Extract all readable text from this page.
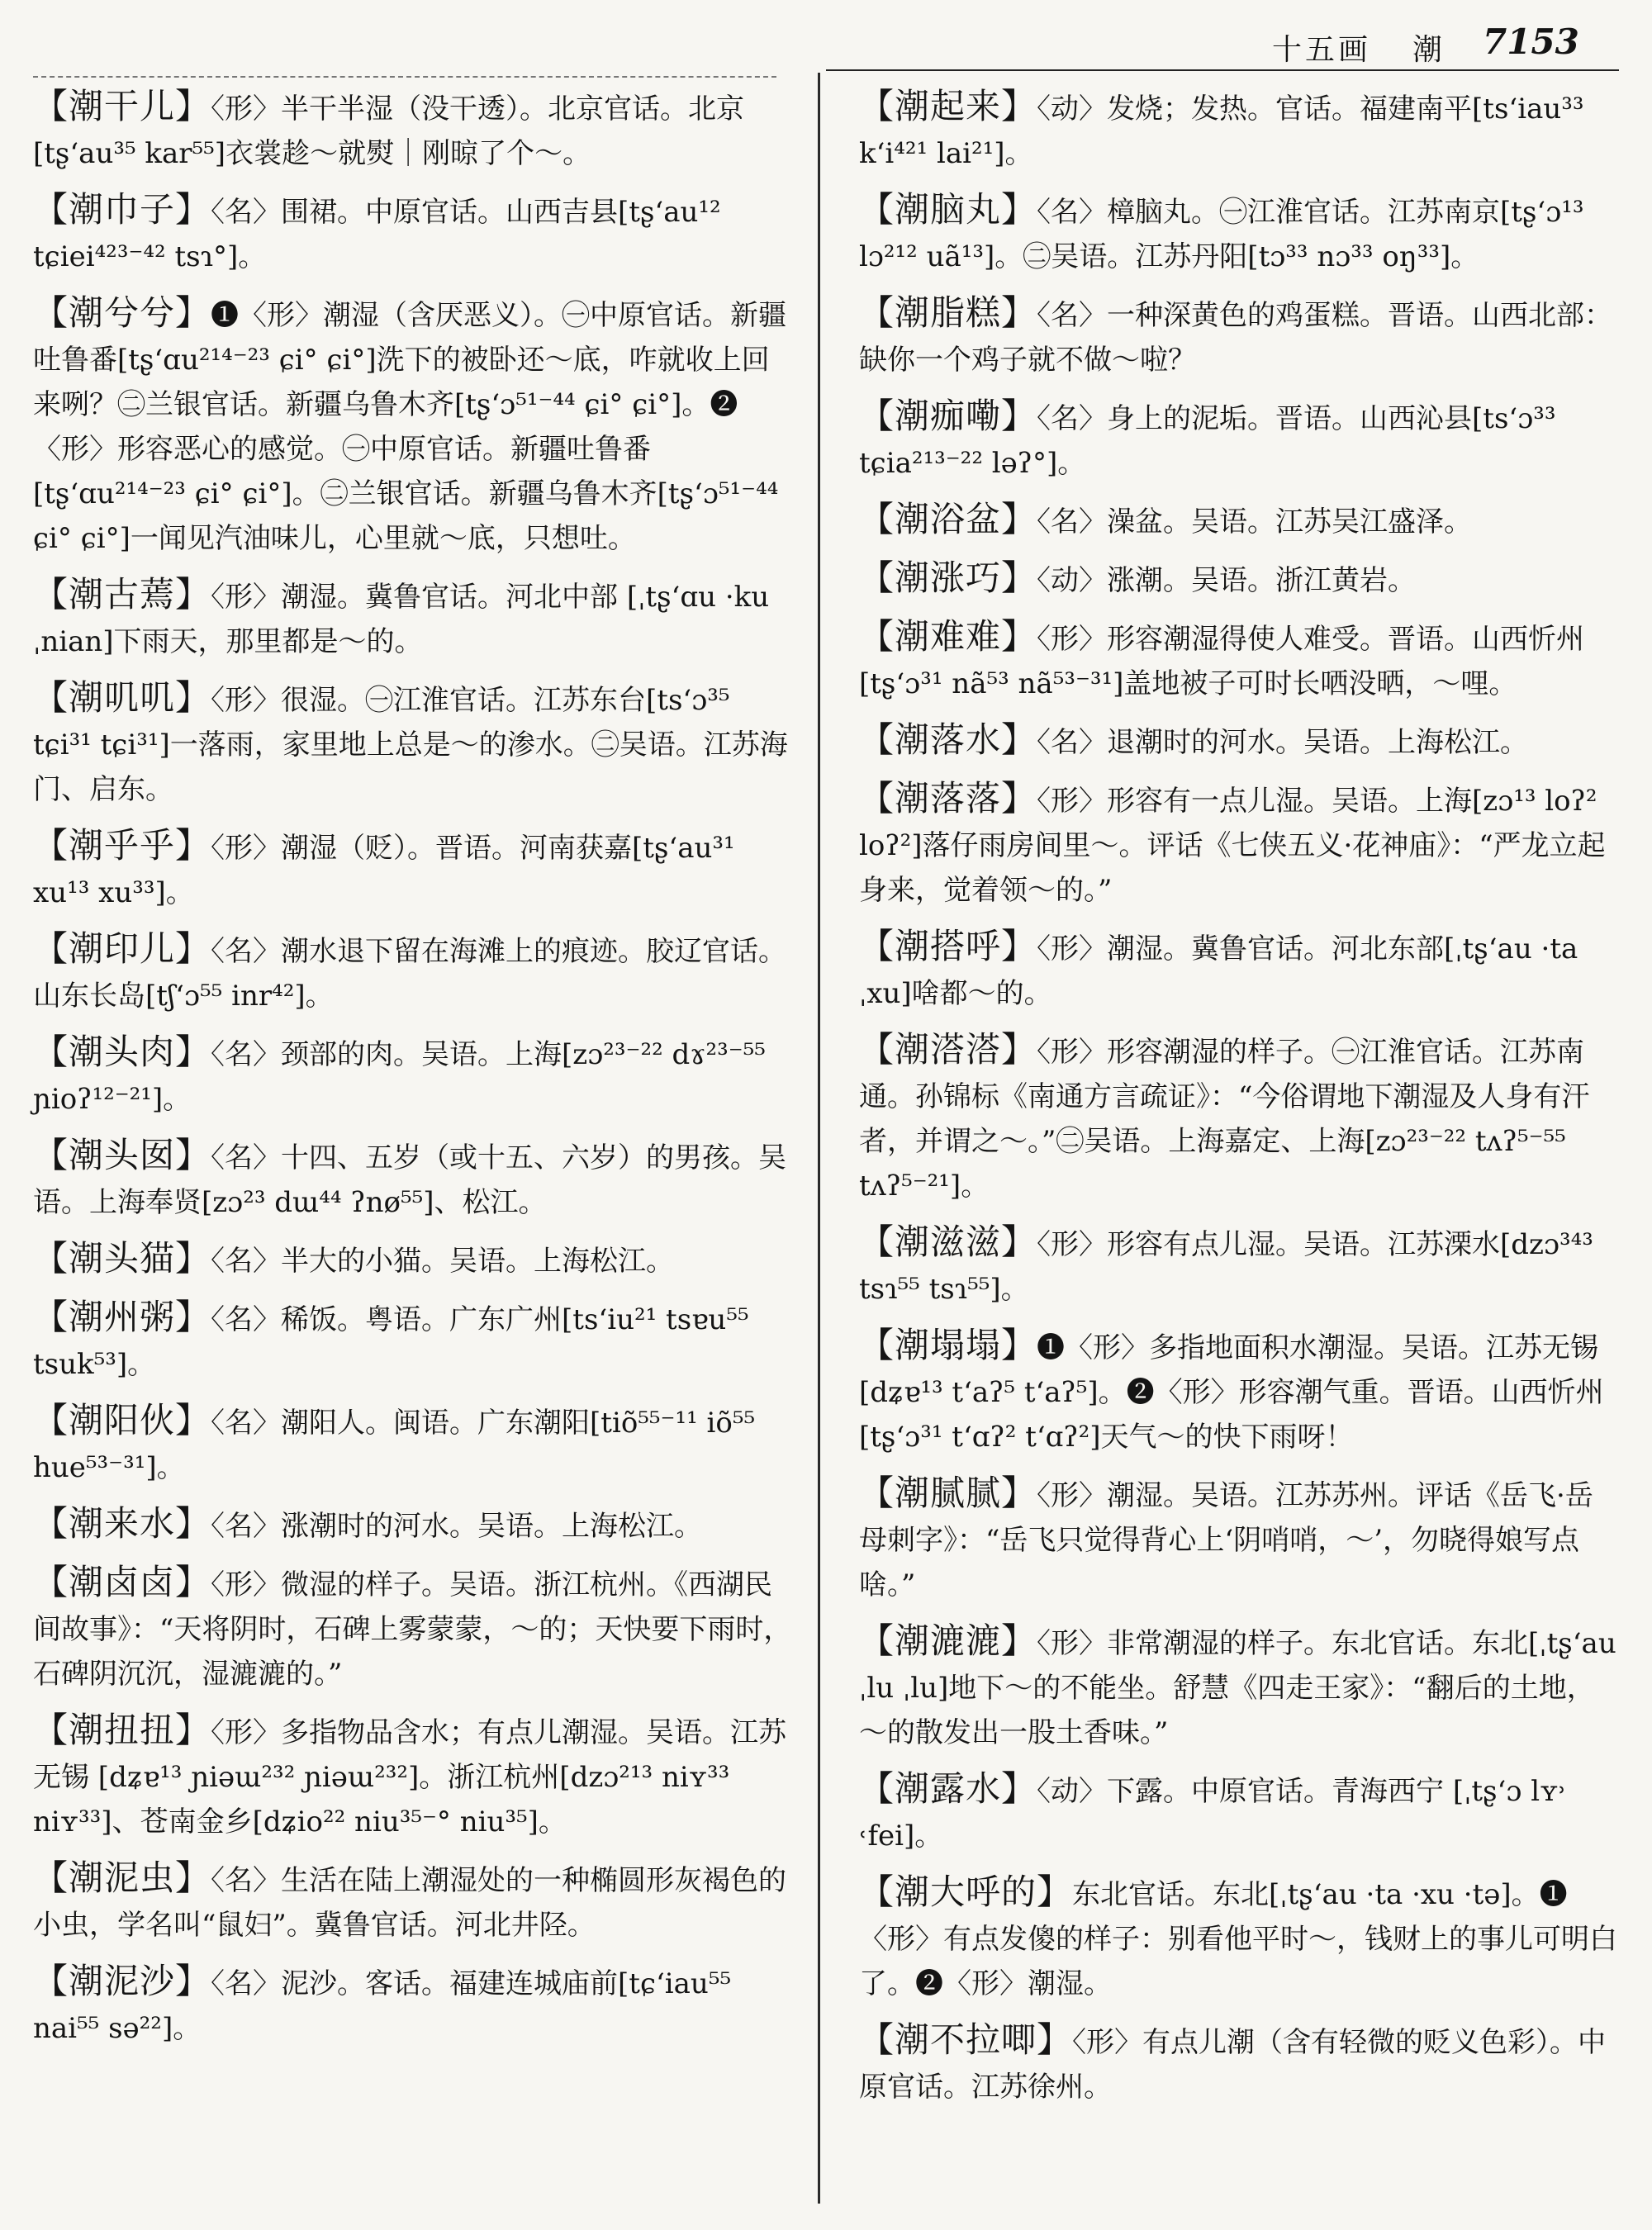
十五画 潮 7153
【潮干儿】〈形〉半干半湿（没干透）。北京官话。北京[tʂ‘au³⁵ kar⁵⁵]衣裳趁～就熨｜刚晾了个～。
【潮巾子】〈名〉围裙。中原官话。山西吉县[tʂ‘au¹² tɕiei⁴²³⁻⁴² tsɿ°]。
【潮兮兮】❶〈形〉潮湿（含厌恶义）。㊀中原官话。新疆吐鲁番[tʂ‘ɑu²¹⁴⁻²³ ɕi° ɕi°]洗下的被卧还～底，咋就收上回来咧？㊁兰银官话。新疆乌鲁木齐[tʂ‘ɔ⁵¹⁻⁴⁴ ɕi° ɕi°]。❷〈形〉形容恶心的感觉。㊀中原官话。新疆吐鲁番[tʂ‘ɑu²¹⁴⁻²³ ɕi° ɕi°]。㊁兰银官话。新疆乌鲁木齐[tʂ‘ɔ⁵¹⁻⁴⁴ ɕi° ɕi°]一闻见汽油味儿，心里就～底，只想吐。
【潮古蔫】〈形〉潮湿。冀鲁官话。河北中部 [ˌtʂ‘ɑu ·ku ˌnian]下雨天，那里都是～的。
【潮叽叽】〈形〉很湿。㊀江淮官话。江苏东台[ts‘ɔ³⁵ tɕi³¹ tɕi³¹]一落雨，家里地上总是～的渗水。㊁吴语。江苏海门、启东。
【潮乎乎】〈形〉潮湿（贬）。晋语。河南获嘉[tʂ‘au³¹ xu¹³ xu³³]。
【潮印儿】〈名〉潮水退下留在海滩上的痕迹。胶辽官话。山东长岛[tʃ‘ɔ⁵⁵ inr⁴²]。
【潮头肉】〈名〉颈部的肉。吴语。上海[zɔ²³⁻²² dɤ²³⁻⁵⁵ ɲioʔ¹²⁻²¹]。
【潮头囡】〈名〉十四、五岁（或十五、六岁）的男孩。吴语。上海奉贤[zɔ²³ dɯ⁴⁴ ʔnø⁵⁵]、松江。
【潮头猫】〈名〉半大的小猫。吴语。上海松江。
【潮州粥】〈名〉稀饭。粤语。广东广州[ts‘iu²¹ tsɐu⁵⁵ tsuk⁵³]。
【潮阳伙】〈名〉潮阳人。闽语。广东潮阳[tiõ⁵⁵⁻¹¹ iõ⁵⁵ hue⁵³⁻³¹]。
【潮来水】〈名〉涨潮时的河水。吴语。上海松江。
【潮卤卤】〈形〉微湿的样子。吴语。浙江杭州。《西湖民间故事》：“天将阴时，石碑上雾蒙蒙，～的；天快要下雨时，石碑阴沉沉，湿漉漉的。”
【潮扭扭】〈形〉多指物品含水；有点儿潮湿。吴语。江苏无锡 [dʑɐ¹³ ɲiəɯ²³² ɲiəɯ²³²]。浙江杭州[dzɔ²¹³ niʏ³³ niʏ³³]、苍南金乡[dʑio²² niu³⁵⁻° niu³⁵]。
【潮泥虫】〈名〉生活在陆上潮湿处的一种椭圆形灰褐色的小虫，学名叫“鼠妇”。冀鲁官话。河北井陉。
【潮泥沙】〈名〉泥沙。客话。福建连城庙前[tɕ‘iau⁵⁵ nai⁵⁵ sə²²]。
【潮起来】〈动〉发烧；发热。官话。福建南平[ts‘iau³³ k‘i⁴²¹ lai²¹]。
【潮脑丸】〈名〉樟脑丸。㊀江淮官话。江苏南京[tʂ‘ɔ¹³ lɔ²¹² uã¹³]。㊁吴语。江苏丹阳[tɔ³³ nɔ³³ oŋ³³]。
【潮脂糕】〈名〉一种深黄色的鸡蛋糕。晋语。山西北部：缺你一个鸡子就不做～啦？
【潮痂嘞】〈名〉身上的泥垢。晋语。山西沁县[ts‘ɔ³³ tɕia²¹³⁻²² ləʔ°]。
【潮浴盆】〈名〉澡盆。吴语。江苏吴江盛泽。
【潮涨巧】〈动〉涨潮。吴语。浙江黄岩。
【潮难难】〈形〉形容潮湿得使人难受。晋语。山西忻州[tʂ‘ɔ³¹ nã⁵³ nã⁵³⁻³¹]盖地被子可时长哂没晒，～哩。
【潮落水】〈名〉退潮时的河水。吴语。上海松江。
【潮落落】〈形〉形容有一点儿湿。吴语。上海[zɔ¹³ loʔ² loʔ²]落仔雨房间里～。评话《七侠五义·花神庙》：“严龙立起身来，觉着领～的。”
【潮搭呼】〈形〉潮湿。冀鲁官话。河北东部[ˌtʂ‘au ·ta ˌxu]啥都～的。
【潮溚溚】〈形〉形容潮湿的样子。㊀江淮官话。江苏南通。孙锦标《南通方言疏证》：“今俗谓地下潮湿及人身有汗者，并谓之～。”㊁吴语。上海嘉定、上海[zɔ²³⁻²² tʌʔ⁵⁻⁵⁵ tʌʔ⁵⁻²¹]。
【潮滋滋】〈形〉形容有点儿湿。吴语。江苏溧水[dzɔ³⁴³ tsɿ⁵⁵ tsɿ⁵⁵]。
【潮塌塌】❶〈形〉多指地面积水潮湿。吴语。江苏无锡[dʑɐ¹³ t‘aʔ⁵ t‘aʔ⁵]。❷〈形〉形容潮气重。晋语。山西忻州[tʂ‘ɔ³¹ t‘ɑʔ² t‘ɑʔ²]天气～的快下雨呀！
【潮腻腻】〈形〉潮湿。吴语。江苏苏州。评话《岳飞·岳母刺字》：“岳飞只觉得背心上‘阴哨哨，～’，勿晓得娘写点啥。”
【潮漉漉】〈形〉非常潮湿的样子。东北官话。东北[ˌtʂ‘au ˌlu ˌlu]地下～的不能坐。舒慧《四走王家》：“翻后的土地，～的散发出一股土香味。”
【潮露水】〈动〉下露。中原官话。青海西宁 [ˌtʂ‘ɔ lʏ˒ ˓fei]。
【潮大呼的】东北官话。东北[ˌtʂ‘au ·ta ·xu ·tə]。❶〈形〉有点发傻的样子：别看他平时～，钱财上的事儿可明白了。❷〈形〉潮湿。
【潮不拉唧】〈形〉有点儿潮（含有轻微的贬义色彩）。中原官话。江苏徐州。
